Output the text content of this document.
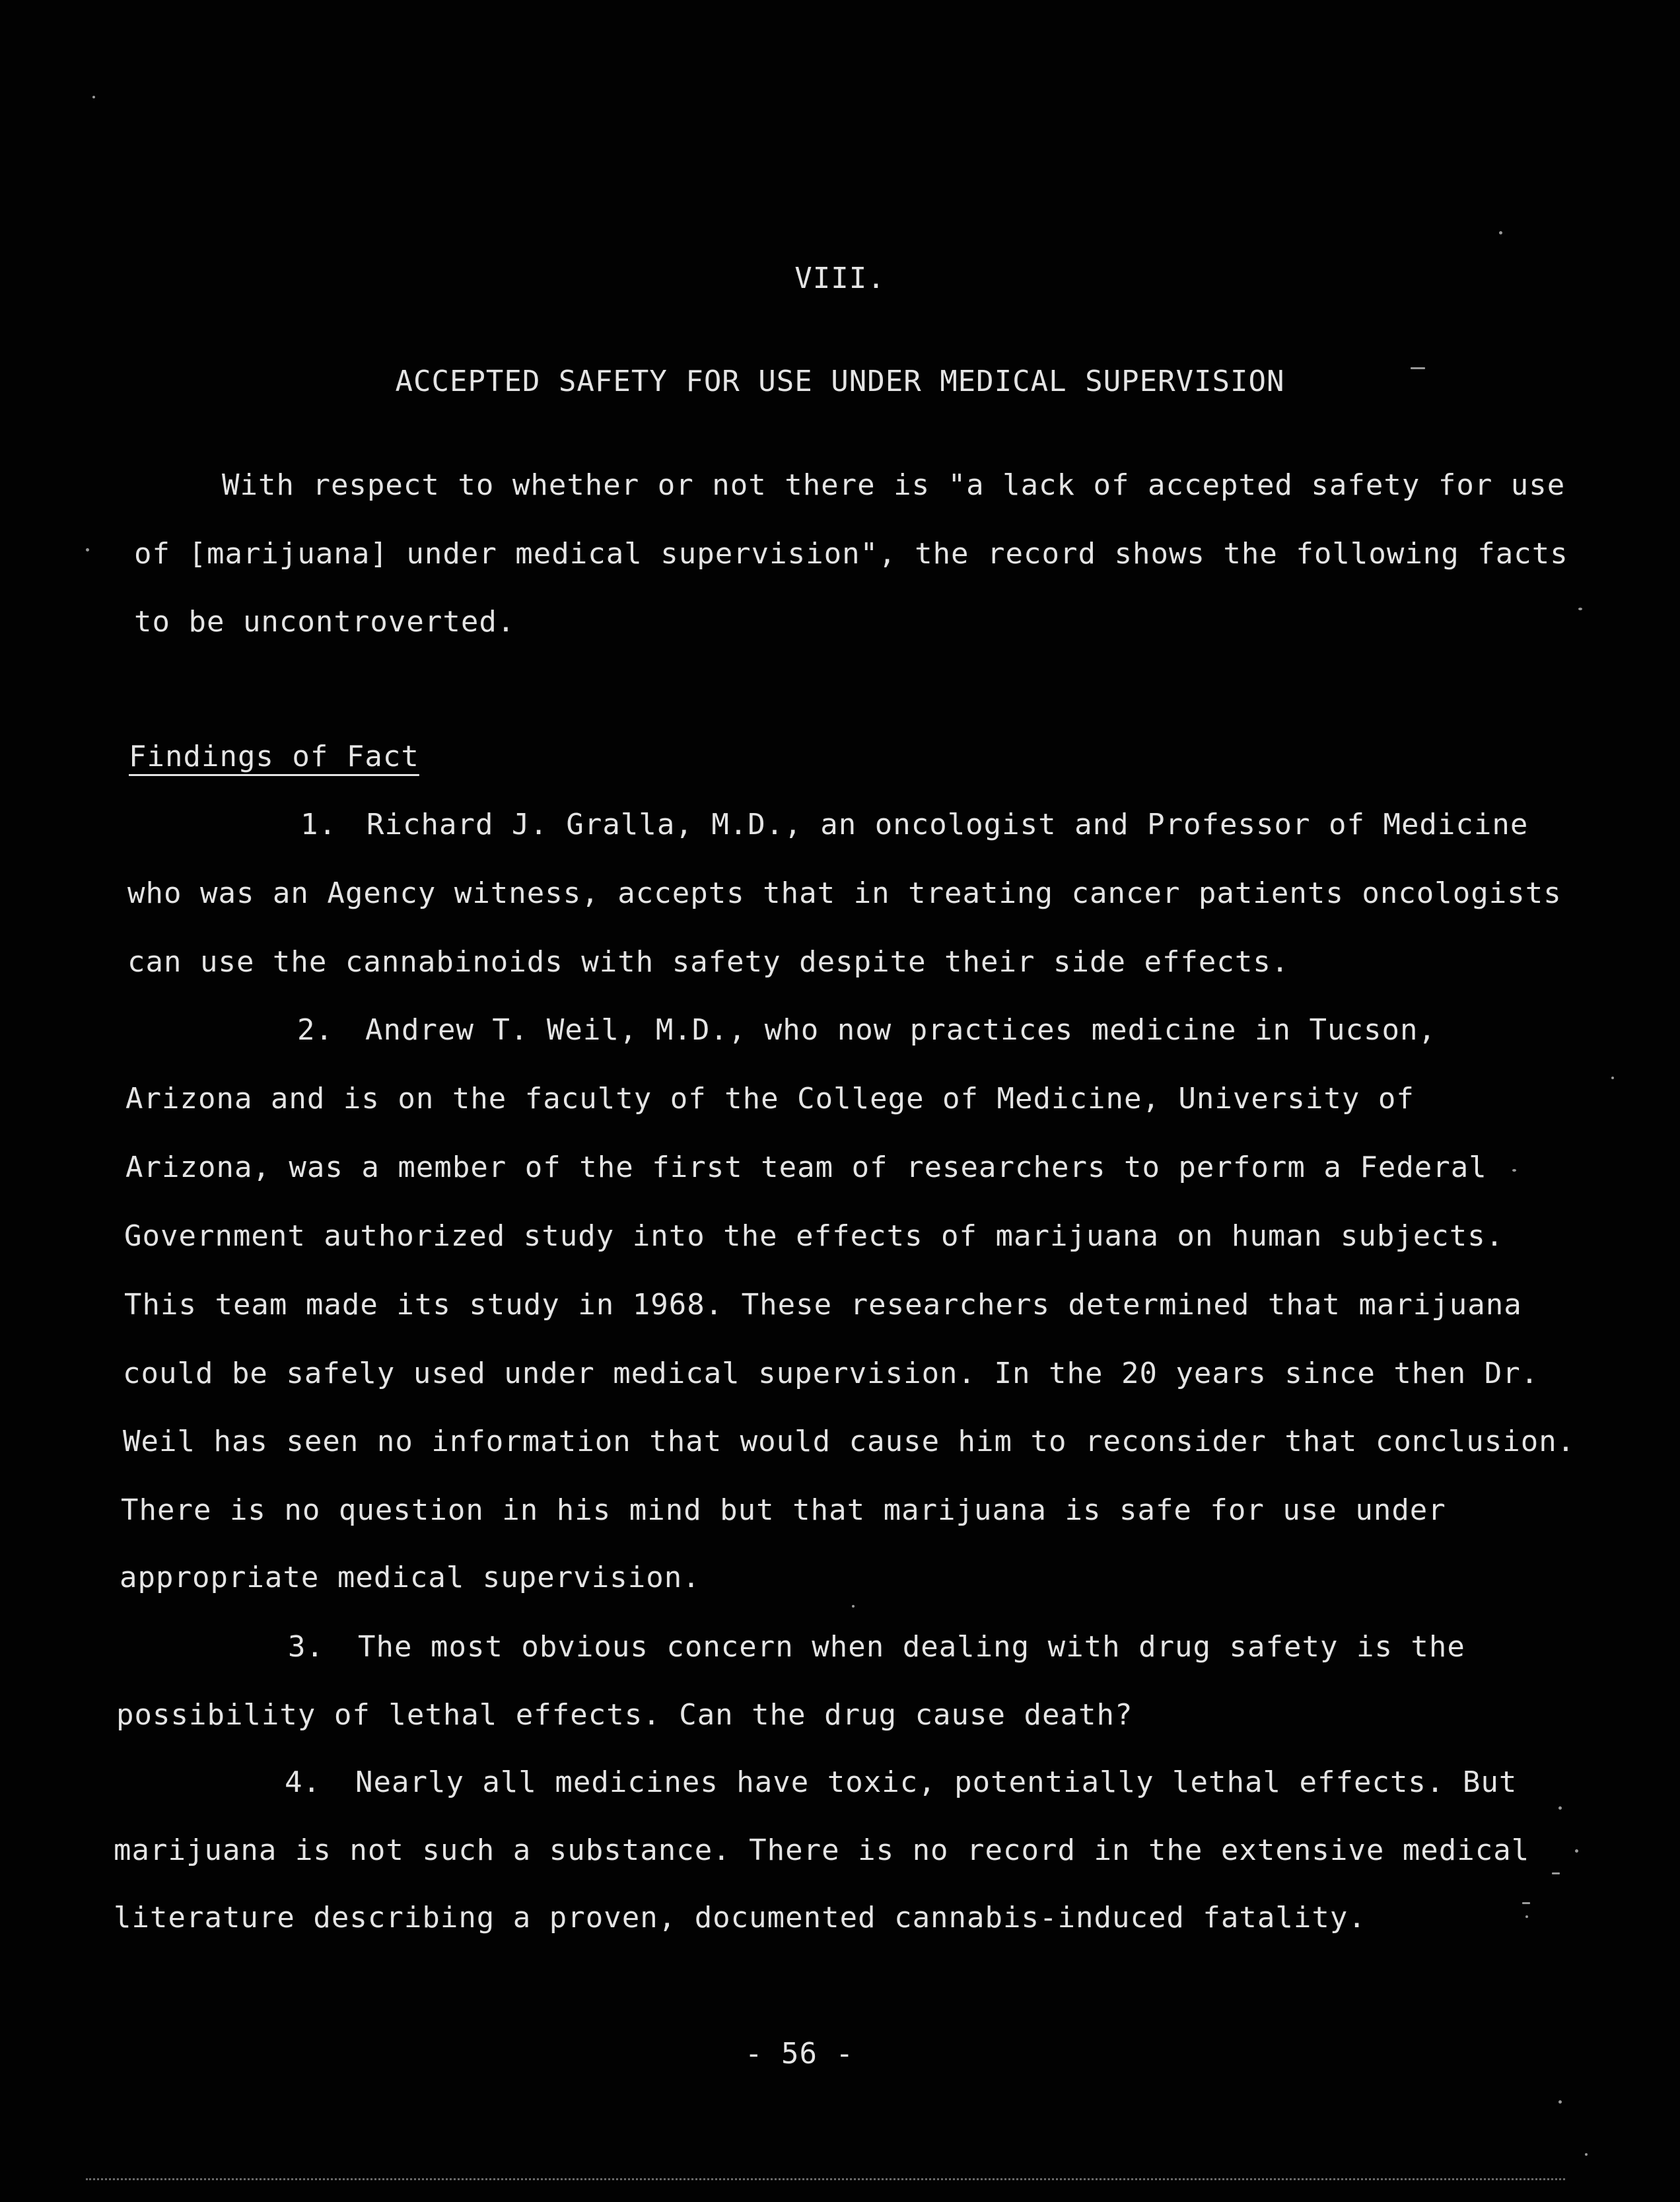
VIII.

ACCEPTED SAFETY FOR USE UNDER MEDICAL SUPERVISION

With respect to whether or not there is "a lack of accepted safety for use

of [marijuana] under medical supervision", the record shows the following facts

to be uncontroverted.

Findings of Fact

1. Richard J. Gralla, M.D., an oncologist and Professor of Medicine

who was an Agency witness, accepts that in treating cancer patients oncologists

can use the cannabinoids with safety despite their side effects.

2. Andrew T. Weil, M.D., who now practices medicine in Tucson,

Arizona and is on the faculty of the College of Medicine, University of

Arizona, was a member of the first team of researchers to perform a Federal

Government authorized study into the effects of marijuana on human subjects.

This team made its study in 1968. These researchers determined that marijuana

could be safely used under medical supervision. In the 20 years since then Dr.

Weil has seen no information that would cause him to reconsider that conclusion.

There is no question in his mind but that marijuana is safe for use under

appropriate medical supervision.

3. The most obvious concern when dealing with drug safety is the

possibility of lethal effects. Can the drug cause death?

4. Nearly all medicines have toxic, potentially lethal effects. But

marijuana is not such a substance. There is no record in the extensive medical

literature describing a proven, documented cannabis-induced fatality.

- 56 -
